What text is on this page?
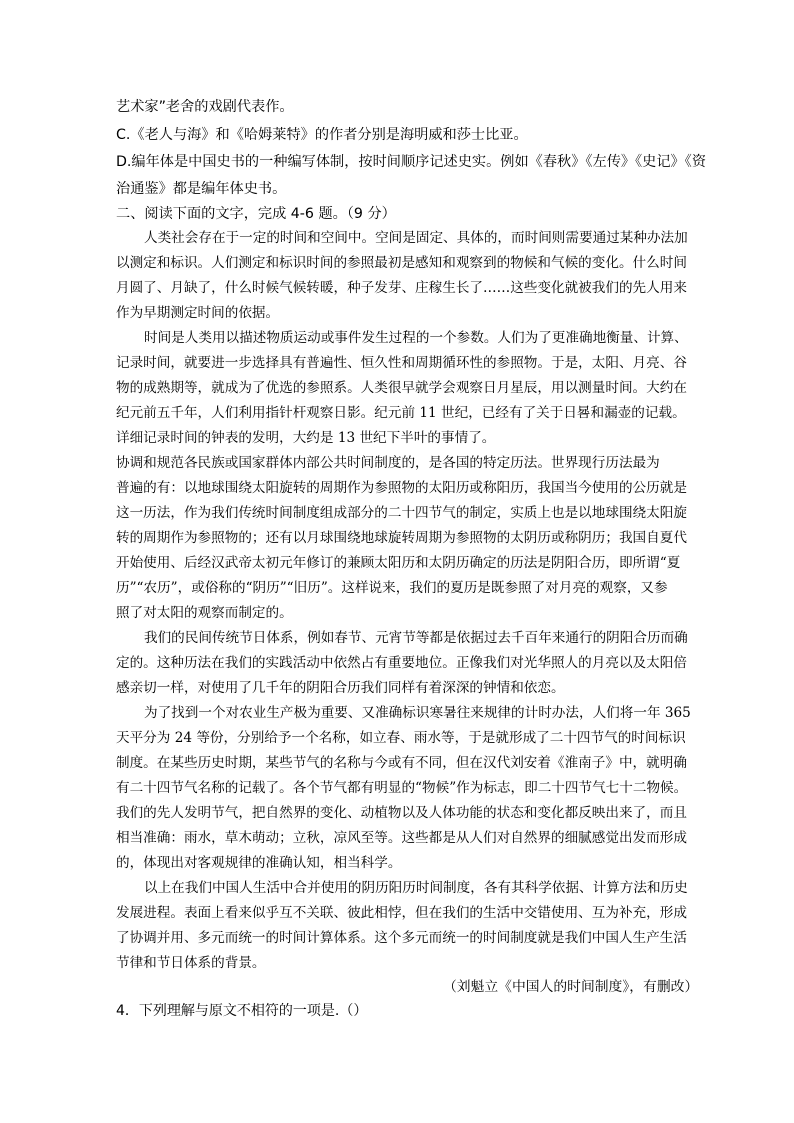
艺术家”老舍的戏剧代表作。

C.《老人与海》和《哈姆莱特》的作者分别是海明威和莎士比亚。

D.编年体是中国史书的一种编写体制，按时间顺序记述史实。例如《春秋》《左传》《史记》《资

治通鉴》都是编年体史书。

二、阅读下面的文字，完成 4-6 题。（9 分）

人类社会存在于一定的时间和空间中。空间是固定、具体的，而时间则需要通过某种办法加

以测定和标识。人们测定和标识时间的参照最初是感知和观察到的物候和气候的变化。什么时间

月圆了、月缺了，什么时候气候转暖，种子发芽、庄稼生长了……这些变化就被我们的先人用来

作为早期测定时间的依据。

时间是人类用以描述物质运动或事件发生过程的一个参数。人们为了更准确地衡量、计算、

记录时间，就要进一步选择具有普遍性、恒久性和周期循环性的参照物。于是，太阳、月亮、谷

物的成熟期等，就成为了优选的参照系。人类很早就学会观察日月星辰，用以测量时间。大约在

纪元前五千年，人们利用指针杆观察日影。纪元前 11 世纪，已经有了关于日晷和漏壶的记载。

详细记录时间的钟表的发明，大约是 13 世纪下半叶的事情了。

协调和规范各民族或国家群体内部公共时间制度的，是各国的特定历法。世界现行历法最为

普遍的有：以地球围绕太阳旋转的周期作为参照物的太阳历或称阳历，我国当今使用的公历就是

这一历法，作为我们传统时间制度组成部分的二十四节气的制定，实质上也是以地球围绕太阳旋

转的周期作为参照物的；还有以月球围绕地球旋转周期为参照物的太阴历或称阴历；我国自夏代

开始使用、后经汉武帝太初元年修订的兼顾太阳历和太阴历确定的历法是阴阳合历，即所谓“夏

历”“农历”，或俗称的“阴历”“旧历”。这样说来，我们的夏历是既参照了对月亮的观察，又参

照了对太阳的观察而制定的。

我们的民间传统节日体系，例如春节、元宵节等都是依据过去千百年来通行的阴阳合历而确

定的。这种历法在我们的实践活动中依然占有重要地位。正像我们对光华照人的月亮以及太阳倍

感亲切一样，对使用了几千年的阴阳合历我们同样有着深深的钟情和依恋。

为了找到一个对农业生产极为重要、又准确标识寒暑往来规律的计时办法，人们将一年 365

天平分为 24 等份，分别给予一个名称，如立春、雨水等，于是就形成了二十四节气的时间标识

制度。在某些历史时期，某些节气的名称与今或有不同，但在汉代刘安着《淮南子》中，就明确

有二十四节气名称的记载了。各个节气都有明显的“物候”作为标志，即二十四节气七十二物候。

我们的先人发明节气，把自然界的变化、动植物以及人体功能的状态和变化都反映出来了，而且

相当准确：雨水，草木萌动；立秋，凉风至等。这些都是从人们对自然界的细腻感觉出发而形成

的，体现出对客观规律的准确认知，相当科学。

以上在我们中国人生活中合并使用的阴历阳历时间制度，各有其科学依据、计算方法和历史

发展进程。表面上看来似乎互不关联、彼此相悖，但在我们的生活中交错使用、互为补充，形成

了协调并用、多元而统一的时间计算体系。这个多元而统一的时间制度就是我们中国人生产生活

节律和节日体系的背景。

（刘魁立《中国人的时间制度》，有删改）

4．下列理解与原文不相符的一项是.（）
